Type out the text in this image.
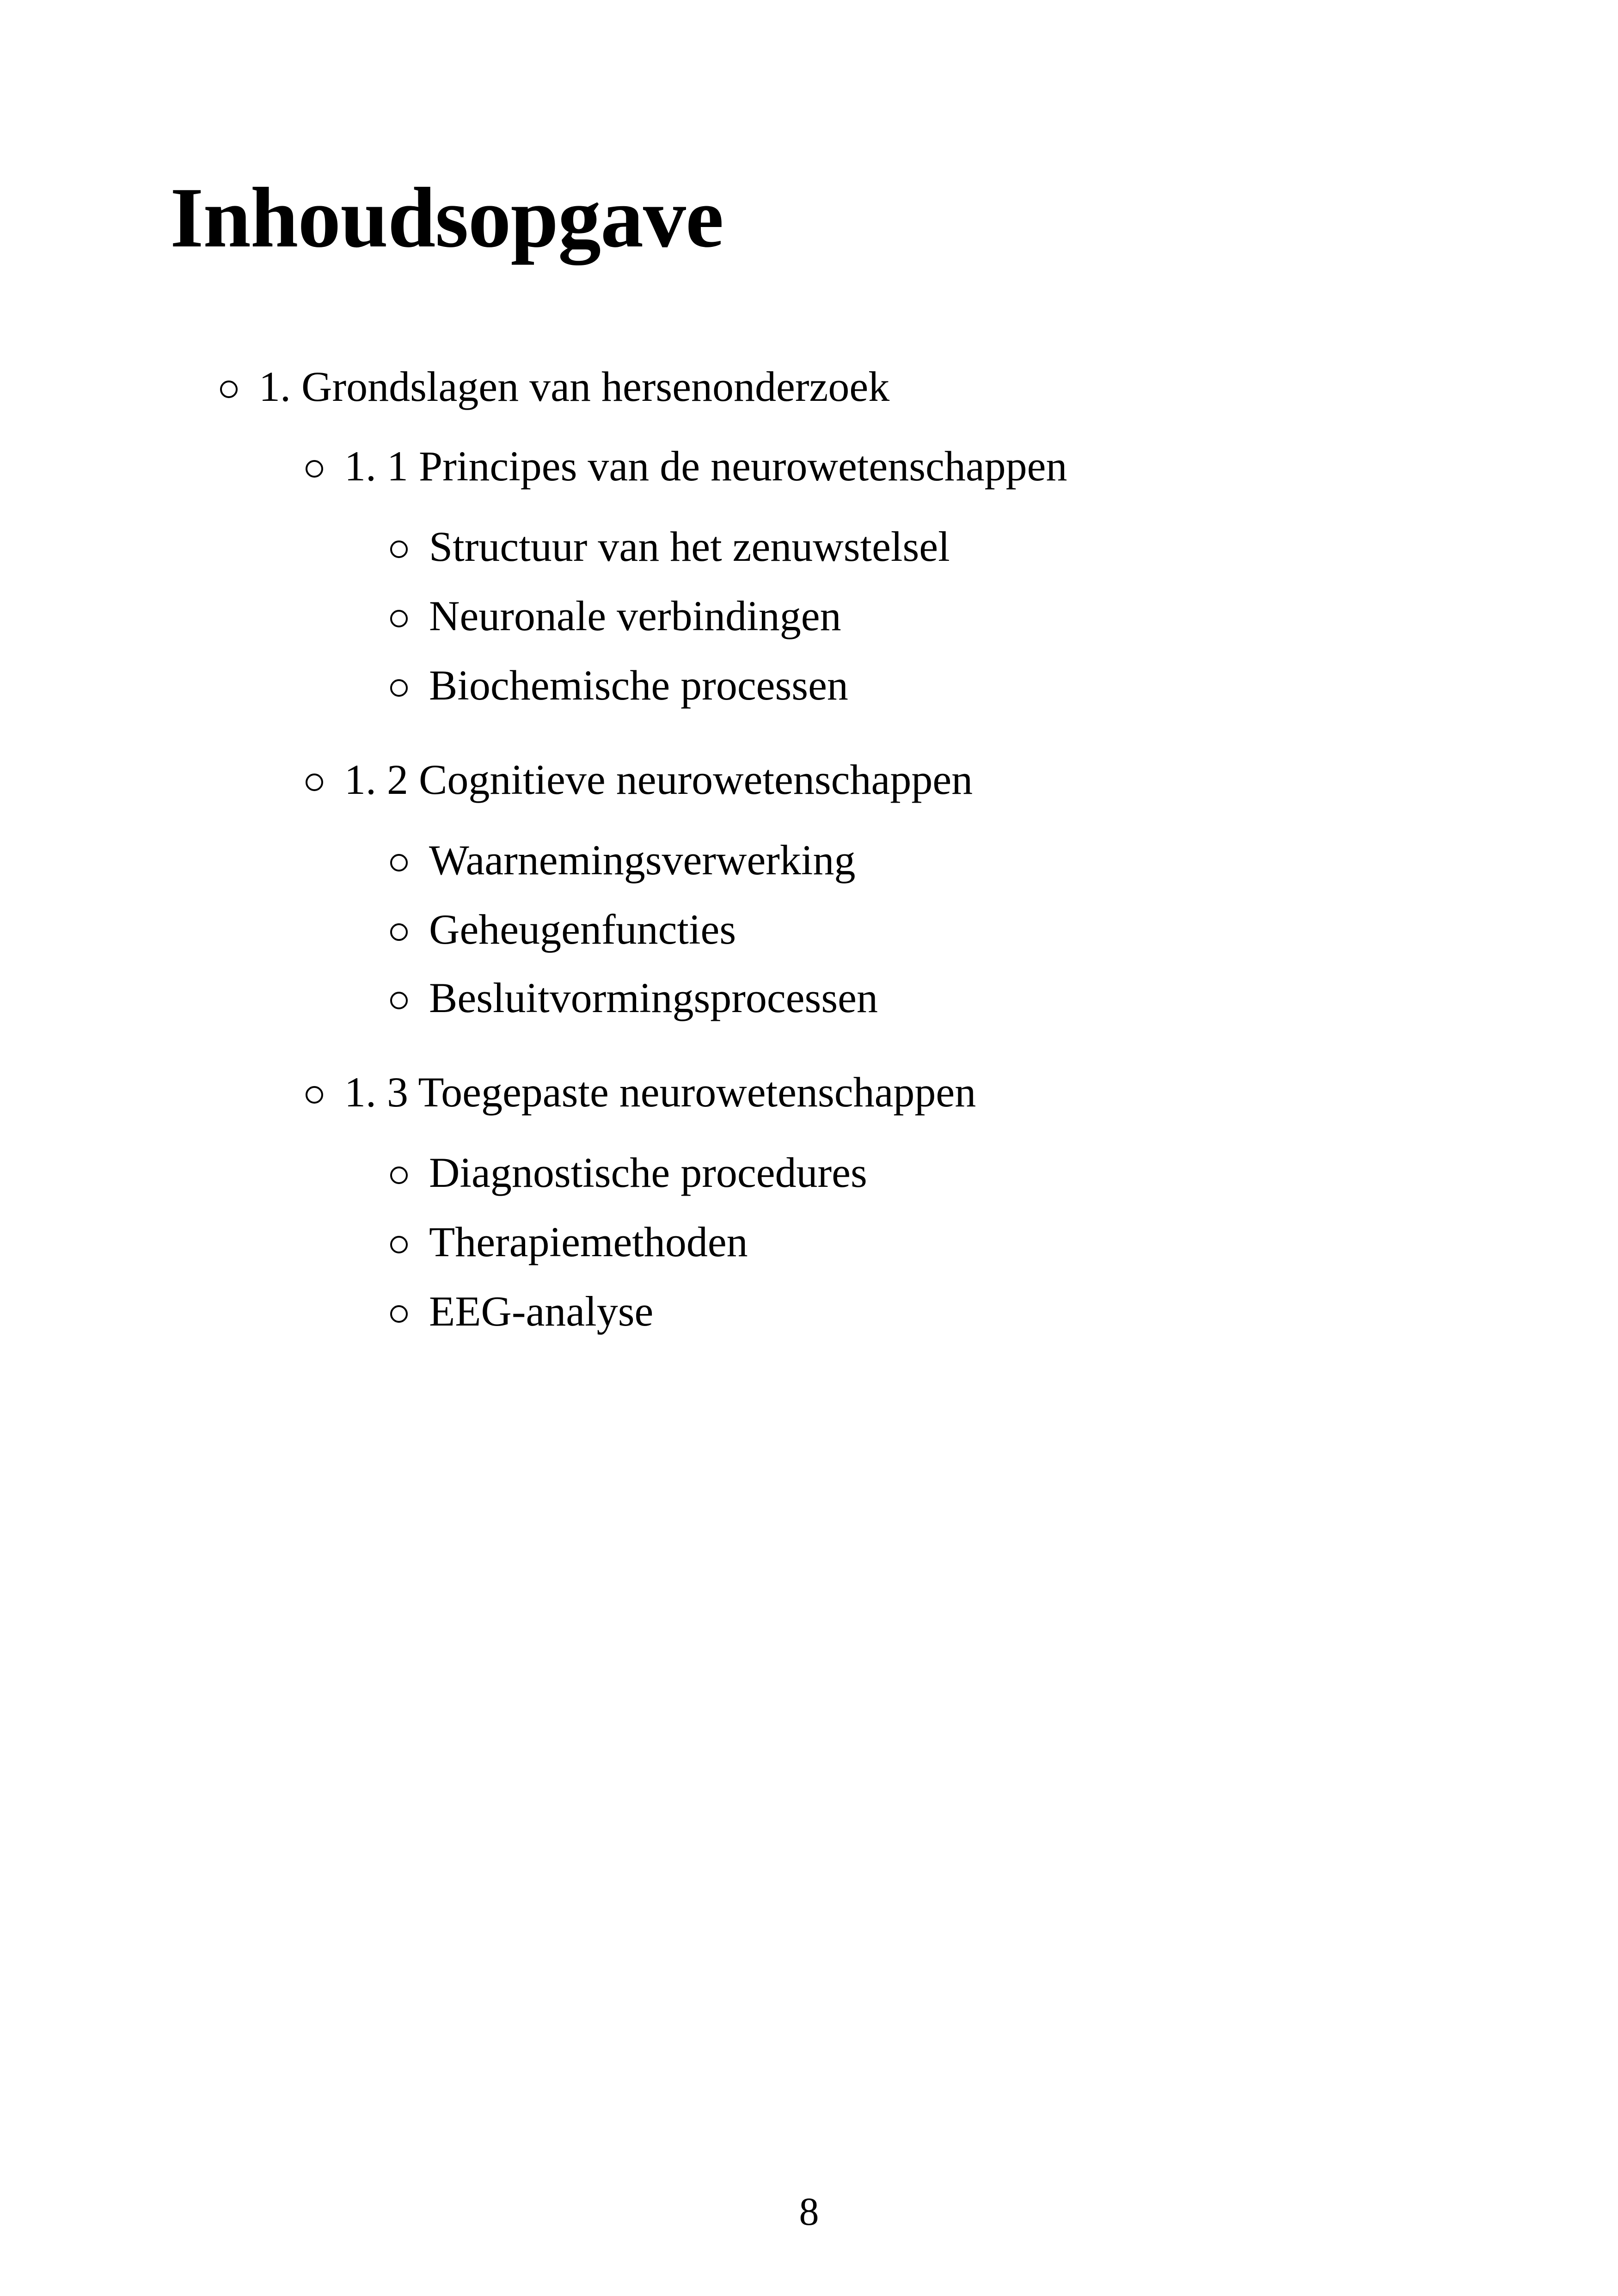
Inhoudsopgave
1. Grondslagen van hersenonderzoek
1. 1 Principes van de neurowetenschappen
Structuur van het zenuwstelsel
Neuronale verbindingen
Biochemische processen
1. 2 Cognitieve neurowetenschappen
Waarnemingsverwerking
Geheugenfuncties
Besluitvormingsprocessen
1. 3 Toegepaste neurowetenschappen
Diagnostische procedures
Therapiemethoden
EEG-analyse
8
